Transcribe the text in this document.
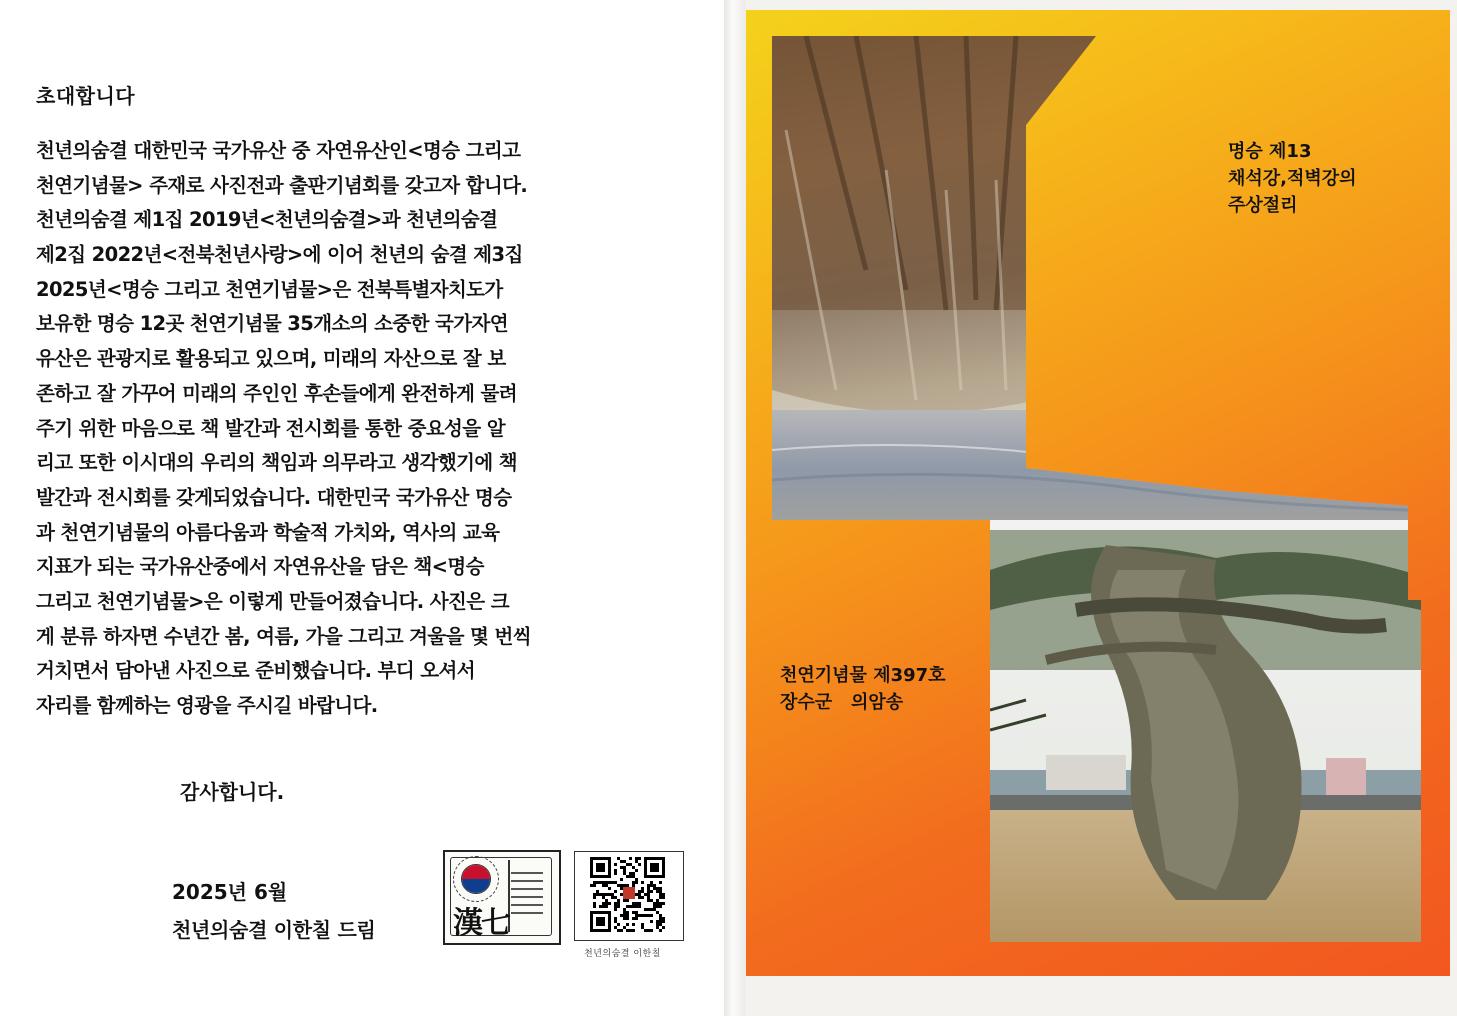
초대합니다
천년의숨결 대한민국 국가유산 중 자연유산인<명승 그리고
천연기념물> 주재로 사진전과 출판기념회를 갖고자 합니다.
천년의숨결 제1집 2019년<천년의숨결>과 천년의숨결
제2집 2022년<전북천년사랑>에 이어 천년의 숨결 제3집
2025년<명승 그리고 천연기념물>은 전북특별자치도가
보유한 명승 12곳 천연기념물 35개소의 소중한 국가자연
유산은 관광지로 활용되고 있으며, 미래의 자산으로 잘 보
존하고 잘 가꾸어 미래의 주인인 후손들에게 완전하게 물려
주기 위한 마음으로 책 발간과 전시회를 통한 중요성을 알
리고 또한 이시대의 우리의 책임과 의무라고 생각했기에 책
발간과 전시회를 갖게되었습니다. 대한민국 국가유산 명승
과 천연기념물의 아름다움과 학술적 가치와, 역사의 교육
지표가 되는 국가유산중에서 자연유산을 담은 책<명승
그리고 천연기념물>은 이렇게 만들어졌습니다. 사진은 크
게 분류 하자면 수년간 봄, 여름, 가을 그리고 겨울을 몇 번씩
거치면서 담아낸 사진으로 준비했습니다. 부디 오셔서
자리를 함께하는 영광을 주시길 바랍니다.
감사합니다.
2025년 6월
천년의숨결 이한칠 드림	漢七
천년의숨결 이한칠
명승 제13
채석강,적벽강의
주상절리
천연기념물 제397호
장수군   의암송
